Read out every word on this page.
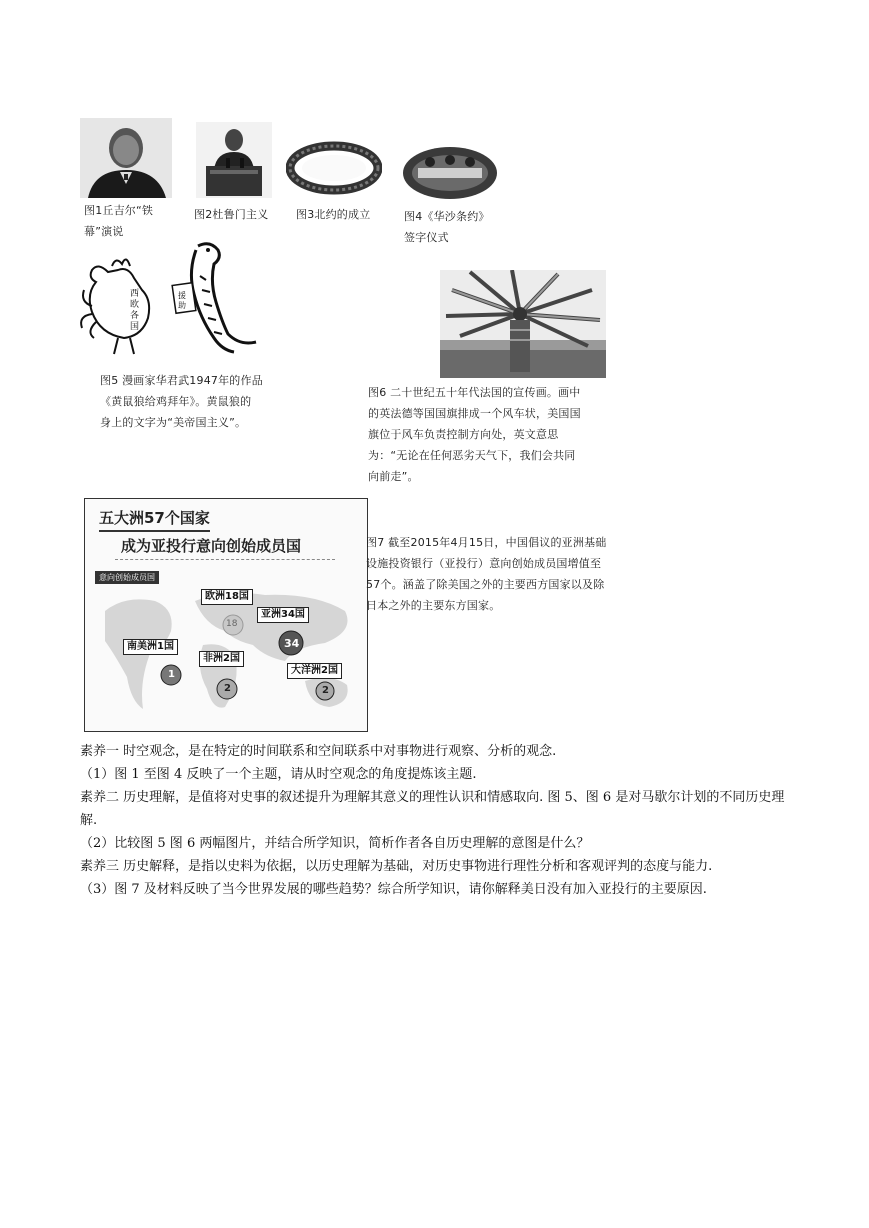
图1丘吉尔“铁
幕”演说
图2杜鲁门主义	图3北约的成立	图4《华沙条约》
签字仪式
西
欧
各
国
援
助
图5 漫画家华君武1947年的作品
《黄鼠狼给鸡拜年》。黄鼠狼的
身上的文字为“美帝国主义”。
图6 二十世纪五十年代法国的宣传画。画中
的英法德等国国旗排成一个风车状，美国国
旗位于风车负责控制方向处，英文意思
为：“无论在任何恶劣天气下，我们会共同
向前走”。
五大洲57个国家
成为亚投行意向创始成员国
意向创始成员国
欧洲18国
亚洲34国
南美洲1国
非洲2国
大洋洲2国
18
34
1
2	2
图7 截至2015年4月15日，中国倡议的亚洲基础
设施投资银行（亚投行）意向创始成员国增值至
57个。涵盖了除美国之外的主要西方国家以及除
日本之外的主要东方国家。

素养一 时空观念，是在特定的时间联系和空间联系中对事物进行观察、分析的观念.

（1）图 1 至图 4 反映了一个主题，请从时空观念的角度提炼该主题.

素养二 历史理解，是值将对史事的叙述提升为理解其意义的理性认识和情感取向. 图 5、图 6 是对马歇尔计划的不同历史理解.

（2）比较图 5 图 6 两幅图片，并结合所学知识，简析作者各自历史理解的意图是什么？

素养三 历史解释，是指以史料为依据，以历史理解为基础，对历史事物进行理性分析和客观评判的态度与能力.

（3）图 7 及材料反映了当今世界发展的哪些趋势？综合所学知识，请你解释美日没有加入亚投行的主要原因.
